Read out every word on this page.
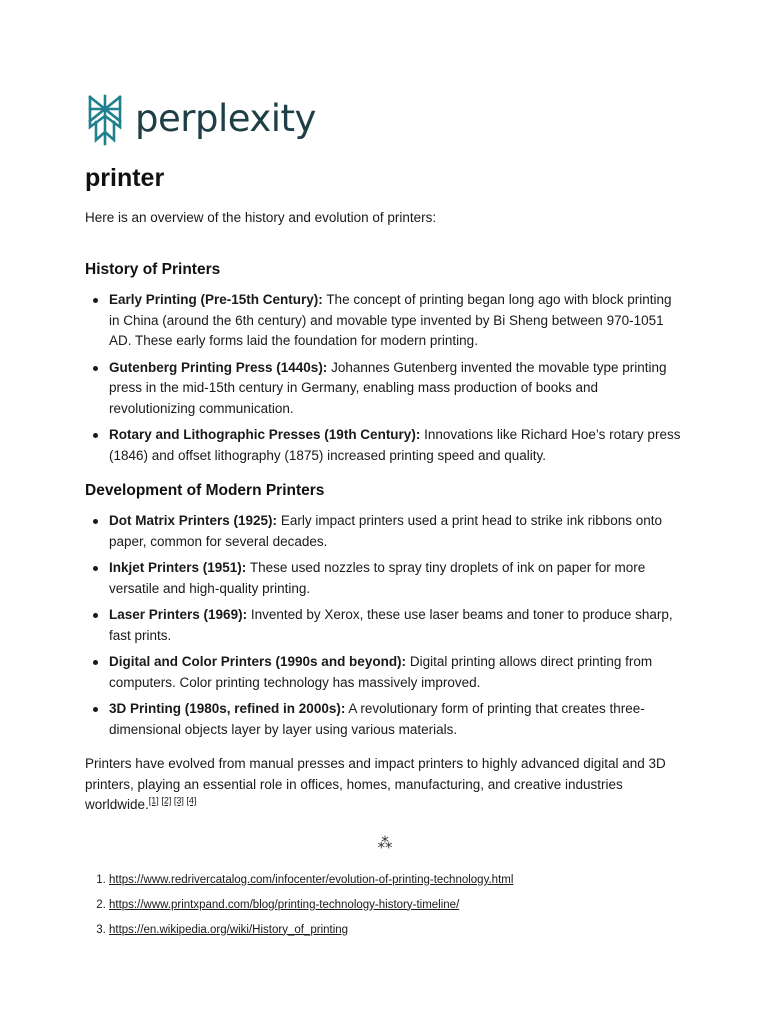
perplexity
printer

Here is an overview of the history and evolution of printers:

History of Printers
Early Printing (Pre-15th Century): The concept of printing began long ago with block printing in China (around the 6th century) and movable type invented by Bi Sheng between 970-1051 AD. These early forms laid the foundation for modern printing.
Gutenberg Printing Press (1440s): Johannes Gutenberg invented the movable type printing press in the mid-15th century in Germany, enabling mass production of books and revolutionizing communication.
Rotary and Lithographic Presses (19th Century): Innovations like Richard Hoe’s rotary press (1846) and offset lithography (1875) increased printing speed and quality.
Development of Modern Printers
Dot Matrix Printers (1925): Early impact printers used a print head to strike ink ribbons onto paper, common for several decades.
Inkjet Printers (1951): These used nozzles to spray tiny droplets of ink on paper for more versatile and high-quality printing.
Laser Printers (1969): Invented by Xerox, these use laser beams and toner to produce sharp, fast prints.
Digital and Color Printers (1990s and beyond): Digital printing allows direct printing from computers. Color printing technology has massively improved.
3D Printing (1980s, refined in 2000s): A revolutionary form of printing that creates three-dimensional objects layer by layer using various materials.

Printers have evolved from manual presses and impact printers to highly advanced digital and 3D printers, playing an essential role in offices, homes, manufacturing, and creative industries worldwide.[1] [2] [3] [4]

⁂
1. https://www.redrivercatalog.com/infocenter/evolution-of-printing-technology.html
2. https://www.printxpand.com/blog/printing-technology-history-timeline/
3. https://en.wikipedia.org/wiki/History_of_printing
